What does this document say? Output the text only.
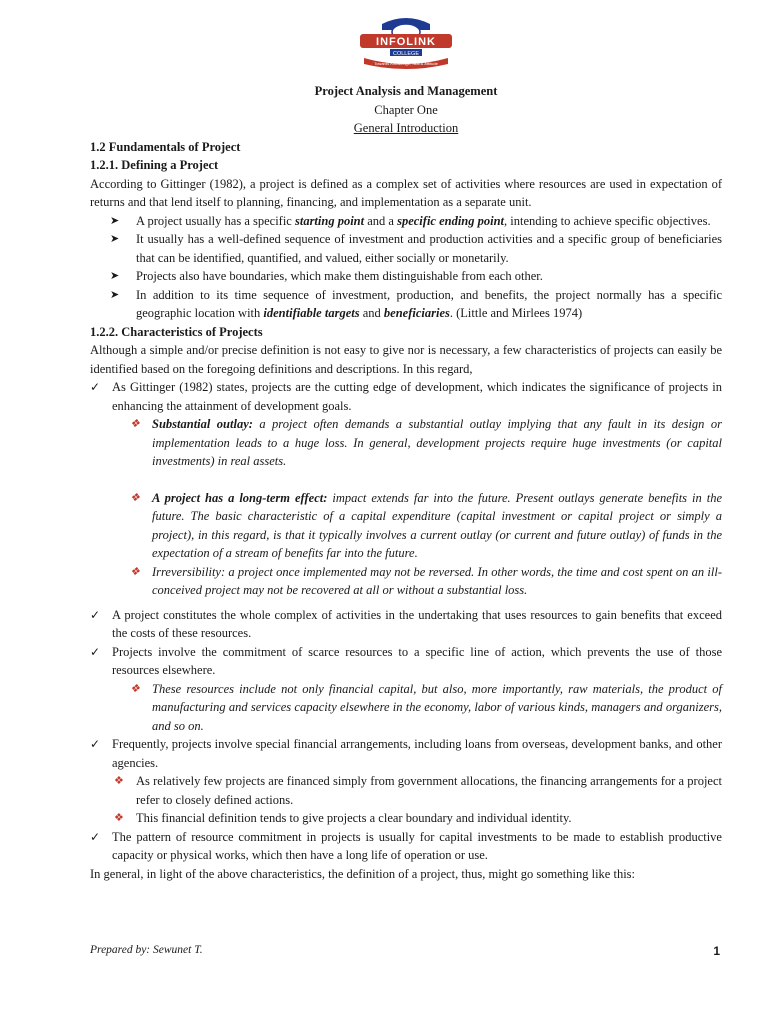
INFOLINK
COLLEGE
Towards Knowledge, Skill & Attitude
Project Analysis and Management
Chapter One
General Introduction
1.2 Fundamentals of Project
1.2.1. Defining a Project
According to Gittinger (1982), a project is defined as a complex set of activities where resources are used in expectation of returns and that lend itself to planning, financing, and implementation as a separate unit.
➤	A project usually has a specific starting point and a specific ending point, intending to achieve specific objectives.
➤	It usually has a well-defined sequence of investment and production activities and a specific group of beneficiaries that can be identified, quantified, and valued, either socially or monetarily.
➤	Projects also have boundaries, which make them distinguishable from each other.
➤	In addition to its time sequence of investment, production, and benefits, the project normally has a specific geographic location with identifiable targets and beneficiaries. (Little and Mirlees 1974)
1.2.2. Characteristics of Projects
Although a simple and/or precise definition is not easy to give nor is necessary, a few characteristics of projects can easily be identified based on the foregoing definitions and descriptions. In this regard,
✓ As Gittinger (1982) states, projects are the cutting edge of development, which indicates the significance of projects in enhancing the attainment of development goals.
❖ Substantial outlay: a project often demands a substantial outlay implying that any fault in its design or implementation leads to a huge loss. In general, development projects require huge investments (or capital investments) in real assets.
❖ A project has a long-term effect: impact extends far into the future. Present outlays generate benefits in the future. The basic characteristic of a capital expenditure (capital investment or capital project or simply a project), in this regard, is that it typically involves a current outlay (or current and future outlay) of funds in the expectation of a stream of benefits far into the future.
❖ Irreversibility: a project once implemented may not be reversed. In other words, the time and cost spent on an ill-conceived project may not be recovered at all or without a substantial loss.
✓ A project constitutes the whole complex of activities in the undertaking that uses resources to gain benefits that exceed the costs of these resources.
✓ Projects involve the commitment of scarce resources to a specific line of action, which prevents the use of those resources elsewhere.
❖ These resources include not only financial capital, but also, more importantly, raw materials, the product of manufacturing and services capacity elsewhere in the economy, labor of various kinds, managers and organizers, and so on.
✓ Frequently, projects involve special financial arrangements, including loans from overseas, development banks, and other agencies.
❖ As relatively few projects are financed simply from government allocations, the financing arrangements for a project refer to closely defined actions.
❖ This financial definition tends to give projects a clear boundary and individual identity.
✓ The pattern of resource commitment in projects is usually for capital investments to be made to establish productive capacity or physical works, which then have a long life of operation or use.
In general, in light of the above characteristics, the definition of a project, thus, might go something like this:
Prepared by: Sewunet T.	1
